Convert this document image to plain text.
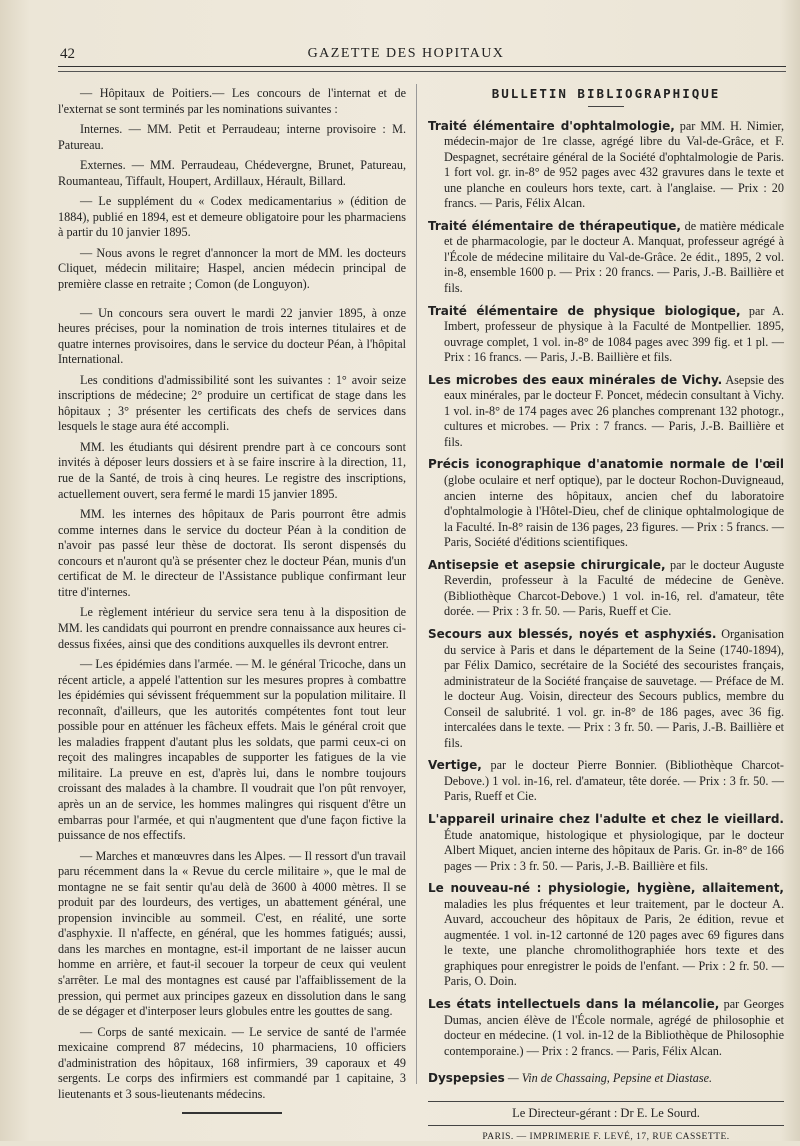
42	GAZETTE DES HOPITAUX

— Hôpitaux de Poitiers.— Les concours de l'internat et de l'externat se sont terminés par les nominations suivantes :

Internes. — MM. Petit et Perraudeau; interne provisoire : M. Patureau.

Externes. — MM. Perraudeau, Chédevergne, Brunet, Patureau, Roumanteau, Tiffault, Houpert, Ardillaux, Hérault, Billard.

— Le supplément du « Codex medicamentarius » (édition de 1884), publié en 1894, est et demeure obligatoire pour les pharmaciens à partir du 10 janvier 1895.

— Nous avons le regret d'annoncer la mort de MM. les docteurs Cliquet, médecin militaire; Haspel, ancien médecin principal de première classe en retraite ; Comon (de Longuyon).

— Un concours sera ouvert le mardi 22 janvier 1895, à onze heures précises, pour la nomination de trois internes titulaires et de quatre internes provisoires, dans le service du docteur Péan, à l'hôpital International.

Les conditions d'admissibilité sont les suivantes : 1° avoir seize inscriptions de médecine; 2° produire un certificat de stage dans les hôpitaux ; 3° présenter les certificats des chefs de services dans lesquels le stage aura été accompli.

MM. les étudiants qui désirent prendre part à ce concours sont invités à déposer leurs dossiers et à se faire inscrire à la direction, 11, rue de la Santé, de trois à cinq heures. Le registre des inscriptions, actuellement ouvert, sera fermé le mardi 15 janvier 1895.

MM. les internes des hôpitaux de Paris pourront être admis comme internes dans le service du docteur Péan à la condition de n'avoir pas passé leur thèse de doctorat. Ils seront dispensés du concours et n'auront qu'à se présenter chez le docteur Péan, munis d'un certificat de M. le directeur de l'Assistance publique confirmant leur titre d'internes.

Le règlement intérieur du service sera tenu à la disposition de MM. les candidats qui pourront en prendre connaissance aux heures ci-dessus fixées, ainsi que des conditions auxquelles ils devront entrer.

— Les épidémies dans l'armée. — M. le général Tricoche, dans un récent article, a appelé l'attention sur les mesures propres à combattre les épidémies qui sévissent fréquemment sur la population militaire. Il reconnaît, d'ailleurs, que les autorités compétentes font tout leur possible pour en atténuer les fâcheux effets. Mais le général croit que les maladies frappent d'autant plus les soldats, que parmi ceux-ci on reçoit des malingres incapables de supporter les fatigues de la vie militaire. La preuve en est, d'après lui, dans le nombre toujours croissant des malades à la chambre. Il voudrait que l'on pût renvoyer, après un an de service, les hommes malingres qui risquent d'être un embarras pour l'armée, et qui n'augmentent que d'une façon fictive la puissance de nos effectifs.

— Marches et manœuvres dans les Alpes. — Il ressort d'un travail paru récemment dans la « Revue du cercle militaire », que le mal de montagne ne se fait sentir qu'au delà de 3600 à 4000 mètres. Il se produit par des lourdeurs, des vertiges, un abattement général, une propension invincible au sommeil. C'est, en réalité, une sorte d'asphyxie. Il n'affecte, en général, que les hommes fatigués; aussi, dans les marches en montagne, est-il important de ne laisser aucun homme en arrière, et faut-il secouer la torpeur de ceux qui veulent s'arrêter. Le mal des montagnes est causé par l'affaiblissement de la pression, qui permet aux principes gazeux en dissolution dans le sang de se dégager et d'interposer leurs globules entre les gouttes de sang.

— Corps de santé mexicain. — Le service de santé de l'armée mexicaine comprend 87 médecins, 10 pharmaciens, 10 officiers d'administration des hôpitaux, 168 infirmiers, 39 caporaux et 49 sergents. Le corps des infirmiers est commandé par 1 capitaine, 3 lieutenants et 3 sous-lieutenants médecins.

BULLETIN BIBLIOGRAPHIQUE
Traité élémentaire d'ophtalmologie, par MM. H. Nimier, médecin-major de 1re classe, agrégé libre du Val-de-Grâce, et F. Despagnet, secrétaire général de la Société d'ophtalmologie de Paris. 1 fort vol. gr. in-8° de 952 pages avec 432 gravures dans le texte et une planche en couleurs hors texte, cart. à l'anglaise. — Prix : 20 francs. — Paris, Félix Alcan.
Traité élémentaire de thérapeutique, de matière médicale et de pharmacologie, par le docteur A. Manquat, professeur agrégé à l'École de médecine militaire du Val-de-Grâce. 2e édit., 1895, 2 vol. in-8, ensemble 1600 p. — Prix : 20 francs. — Paris, J.-B. Baillière et fils.
Traité élémentaire de physique biologique, par A. Imbert, professeur de physique à la Faculté de Montpellier. 1895, ouvrage complet, 1 vol. in-8° de 1084 pages avec 399 fig. et 1 pl. — Prix : 16 francs. — Paris, J.-B. Baillière et fils.
Les microbes des eaux minérales de Vichy. Asepsie des eaux minérales, par le docteur F. Poncet, médecin consultant à Vichy. 1 vol. in-8° de 174 pages avec 26 planches comprenant 132 photogr., cultures et microbes. — Prix : 7 francs. — Paris, J.-B. Baillière et fils.
Précis iconographique d'anatomie normale de l'œil (globe oculaire et nerf optique), par le docteur Rochon-Duvigneaud, ancien interne des hôpitaux, ancien chef du laboratoire d'ophtalmologie à l'Hôtel-Dieu, chef de clinique ophtalmologique de la Faculté. In-8° raisin de 136 pages, 23 figures. — Prix : 5 francs. — Paris, Société d'éditions scientifiques.
Antisepsie et asepsie chirurgicale, par le docteur Auguste Reverdin, professeur à la Faculté de médecine de Genève. (Bibliothèque Charcot-Debove.) 1 vol. in-16, rel. d'amateur, tête dorée. — Prix : 3 fr. 50. — Paris, Rueff et Cie.
Secours aux blessés, noyés et asphyxiés. Organisation du service à Paris et dans le département de la Seine (1740-1894), par Félix Damico, secrétaire de la Société des secouristes français, administrateur de la Société française de sauvetage. — Préface de M. le docteur Aug. Voisin, directeur des Secours publics, membre du Conseil de salubrité. 1 vol. gr. in-8° de 186 pages, avec 36 fig. intercalées dans le texte. — Prix : 3 fr. 50. — Paris, J.-B. Baillière et fils.
Vertige, par le docteur Pierre Bonnier. (Bibliothèque Charcot-Debove.) 1 vol. in-16, rel. d'amateur, tête dorée. — Prix : 3 fr. 50. — Paris, Rueff et Cie.
L'appareil urinaire chez l'adulte et chez le vieillard. Étude anatomique, histologique et physiologique, par le docteur Albert Miquet, ancien interne des hôpitaux de Paris. Gr. in-8° de 166 pages — Prix : 3 fr. 50. — Paris, J.-B. Baillière et fils.
Le nouveau-né : physiologie, hygiène, allaitement, maladies les plus fréquentes et leur traitement, par le docteur A. Auvard, accoucheur des hôpitaux de Paris, 2e édition, revue et augmentée. 1 vol. in-12 cartonné de 120 pages avec 69 figures dans le texte, une planche chromolithographiée hors texte et des graphiques pour enregistrer le poids de l'enfant. — Prix : 2 fr. 50. — Paris, O. Doin.
Les états intellectuels dans la mélancolie, par Georges Dumas, ancien élève de l'École normale, agrégé de philosophie et docteur en médecine. (1 vol. in-12 de la Bibliothèque de Philosophie contemporaine.) — Prix : 2 francs. — Paris, Félix Alcan.
Dyspepsies — Vin de Chassaing, Pepsine et Diastase.
Le Directeur-gérant : Dr E. Le Sourd.
PARIS. — IMPRIMERIE F. LEVÉ, 17, RUE CASSETTE.
